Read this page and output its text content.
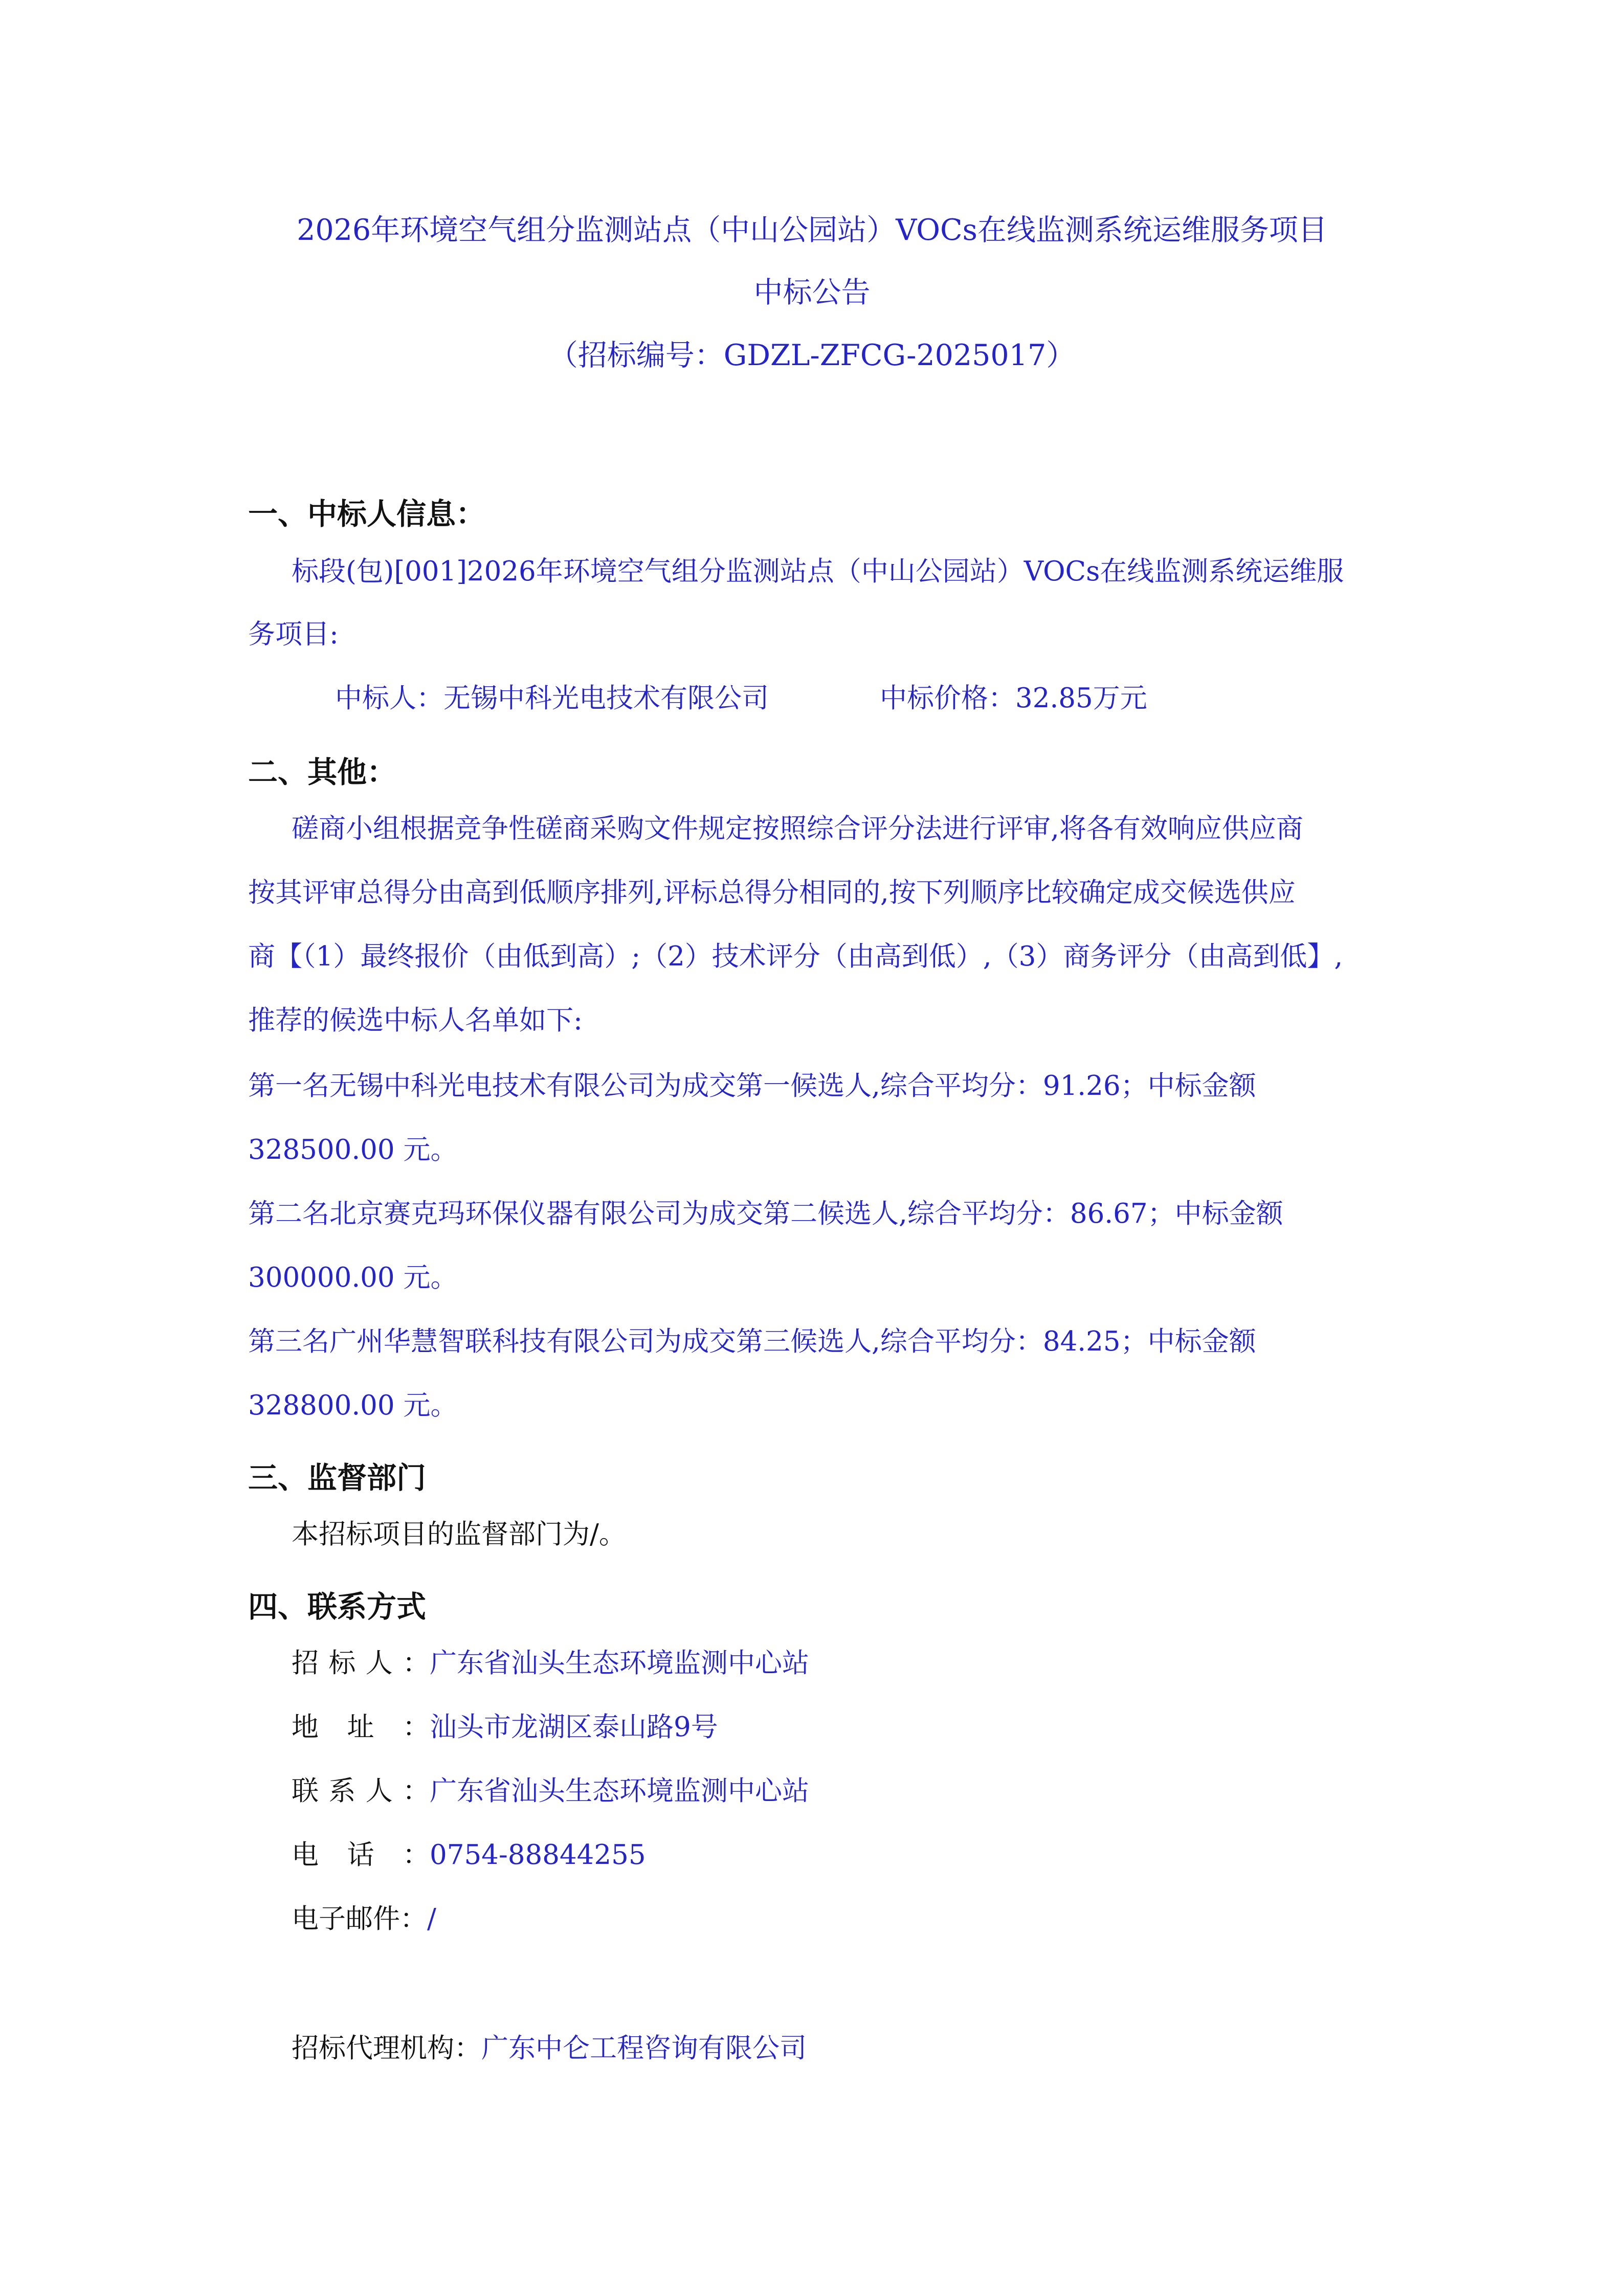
2026年环境空气组分监测站点（中山公园站）VOCs在线监测系统运维服务项目
中标公告
（招标编号：GDZL-ZFCG-2025017）
一、中标人信息：
标段(包)[001]2026年环境空气组分监测站点（中山公园站）VOCs在线监测系统运维服
务项目:
中标人：无锡中科光电技术有限公司	中标价格：32.85万元
二、其他：
磋商小组根据竞争性磋商采购文件规定按照综合评分法进行评审,将各有效响应供应商
按其评审总得分由高到低顺序排列,评标总得分相同的,按下列顺序比较确定成交候选供应
商【（1）最终报价（由低到高）;（2）技术评分（由高到低）,（3）商务评分（由高到低】,
推荐的候选中标人名单如下:
第一名无锡中科光电技术有限公司为成交第一候选人,综合平均分：91.26；中标金额
328500.00 元。
第二名北京赛克玛环保仪器有限公司为成交第二候选人,综合平均分：86.67；中标金额
300000.00 元。
第三名广州华慧智联科技有限公司为成交第三候选人,综合平均分：84.25；中标金额
328800.00 元。
三、监督部门
本招标项目的监督部门为/。
四、联系方式
招标人：广东省汕头生态环境监测中心站
地址：汕头市龙湖区泰山路9号
联系人：广东省汕头生态环境监测中心站
电话：0754-88844255
电子邮件：/
招标代理机构：广东中仑工程咨询有限公司
